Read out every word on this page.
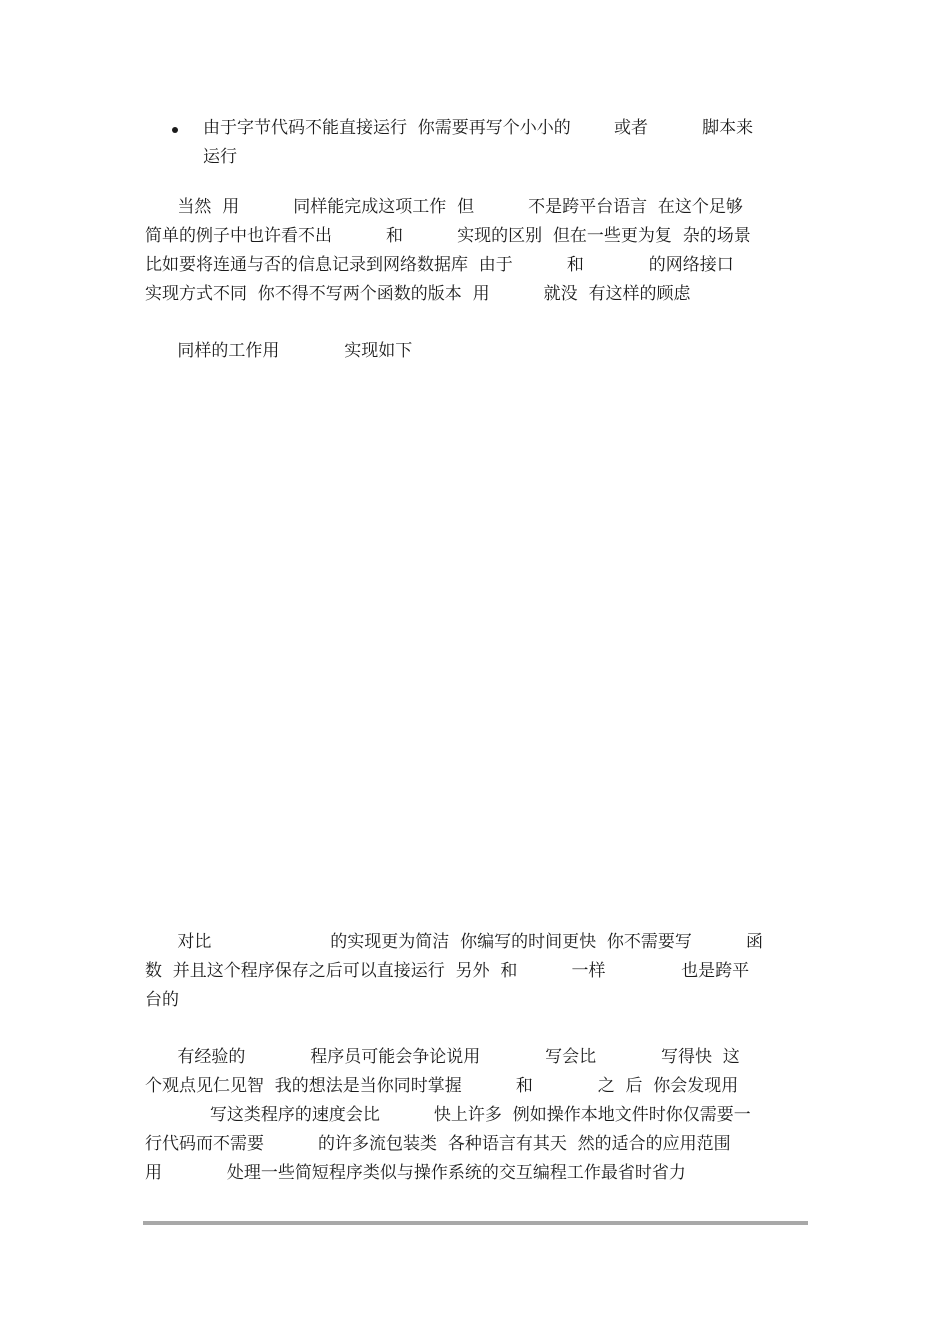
由于字节代码不能直接运行  你需要再写个小小的        或者          脚本来
运行
当然  用          同样能完成这项工作  但          不是跨平台语言  在这个足够
简单的例子中也许看不出          和          实现的区别  但在一些更为复  杂的场景
比如要将连通与否的信息记录到网络数据库  由于          和            的网络接口
实现方式不同  你不得不写两个函数的版本  用          就没  有这样的顾虑
同样的工作用            实现如下
对比                      的实现更为简洁  你编写的时间更快  你不需要写          函
数  并且这个程序保存之后可以直接运行  另外  和          一样              也是跨平
台的
有经验的            程序员可能会争论说用            写会比            写得快  这
个观点见仁见智  我的想法是当你同时掌握          和            之  后  你会发现用
写这类程序的速度会比          快上许多  例如操作本地文件时你仅需要一
行代码而不需要          的许多流包装类  各种语言有其天  然的适合的应用范围
用            处理一些简短程序类似与操作系统的交互编程工作最省时省力
